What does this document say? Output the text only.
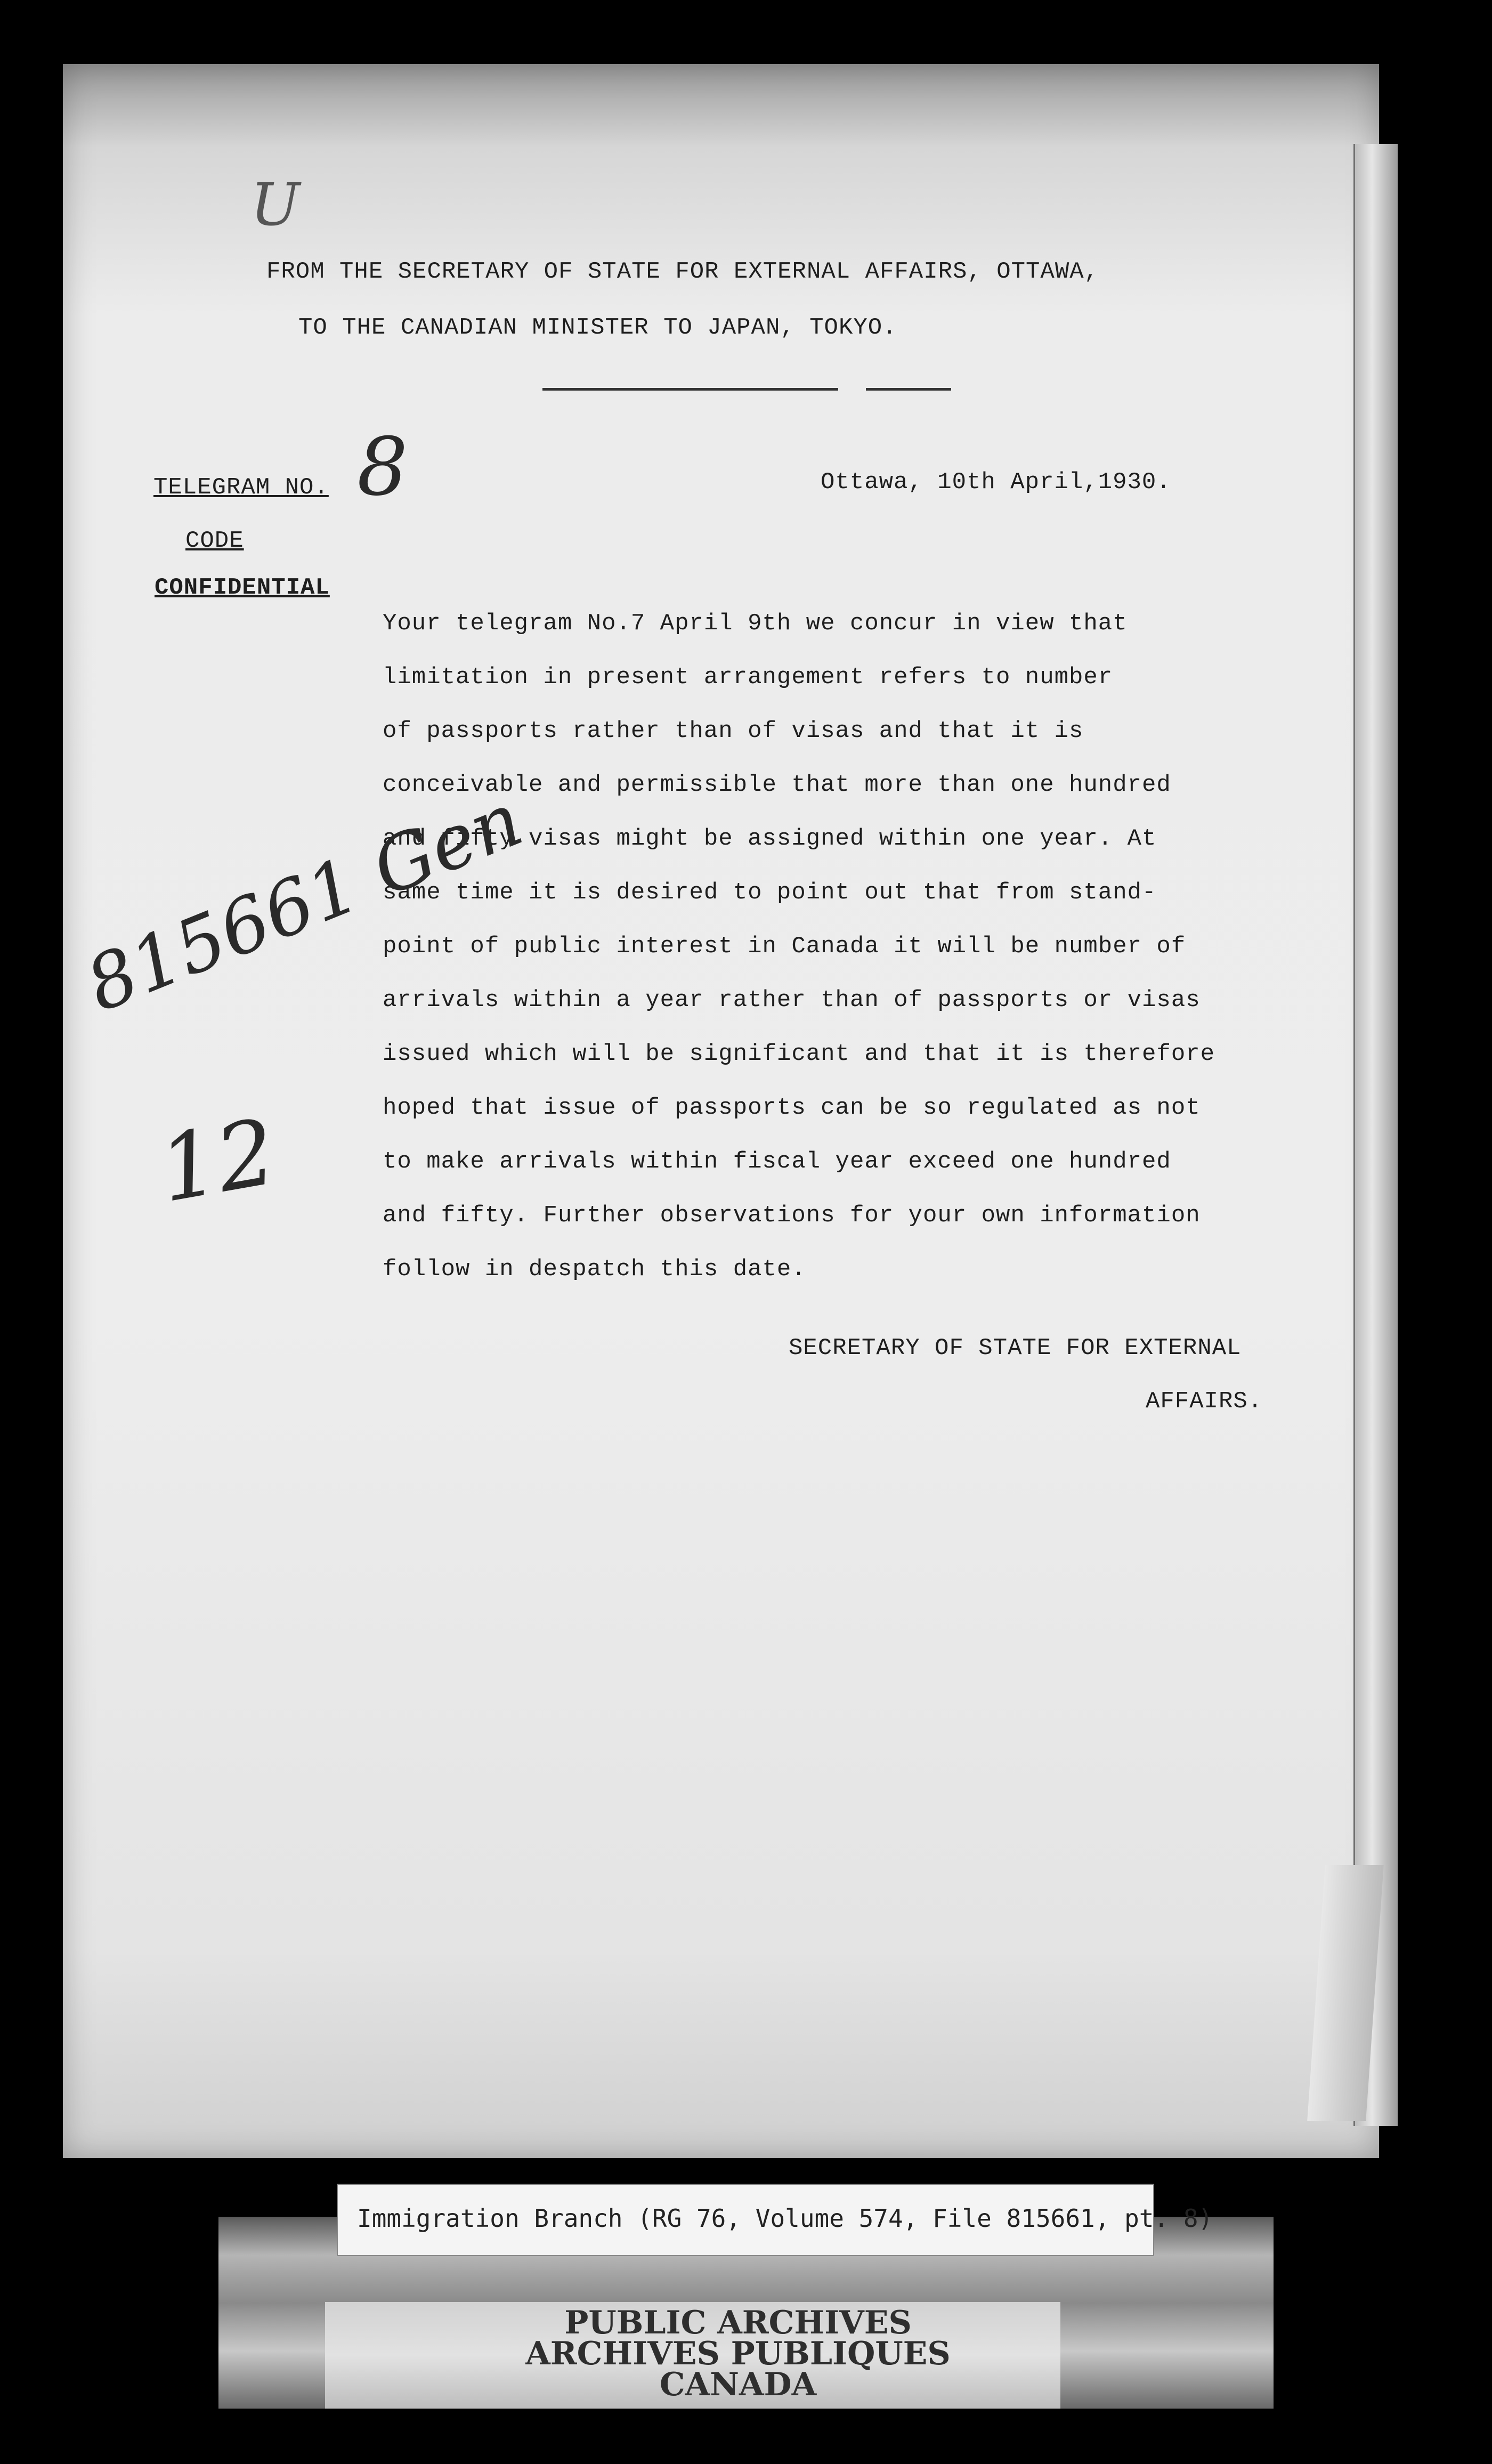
U
FROM THE SECRETARY OF STATE FOR EXTERNAL AFFAIRS, OTTAWA,
TO THE CANADIAN MINISTER TO JAPAN, TOKYO.
TELEGRAM NO. 8	Ottawa, 10th April,1930.
CODE
CONFIDENTIAL
Your telegram No.7 April 9th we concur in view that
limitation in present arrangement refers to number
of passports rather than of visas and that it is
conceivable and permissible that more than one hundred
and fifty visas might be assigned within one year. At
same time it is desired to point out that from stand-
point of public interest in Canada it will be number of
arrivals within a year rather than of passports or visas
issued which will be significant and that it is therefore
hoped that issue of passports can be so regulated as not
to make arrivals within fiscal year exceed one hundred
and fifty. Further observations for your own information
follow in despatch this date.
815661 Gen
12
SECRETARY OF STATE FOR EXTERNAL
AFFAIRS.
PUBLIC ARCHIVES
ARCHIVES PUBLIQUES
CANADA
Immigration Branch (RG 76, Volume 574, File 815661, pt. 8)
